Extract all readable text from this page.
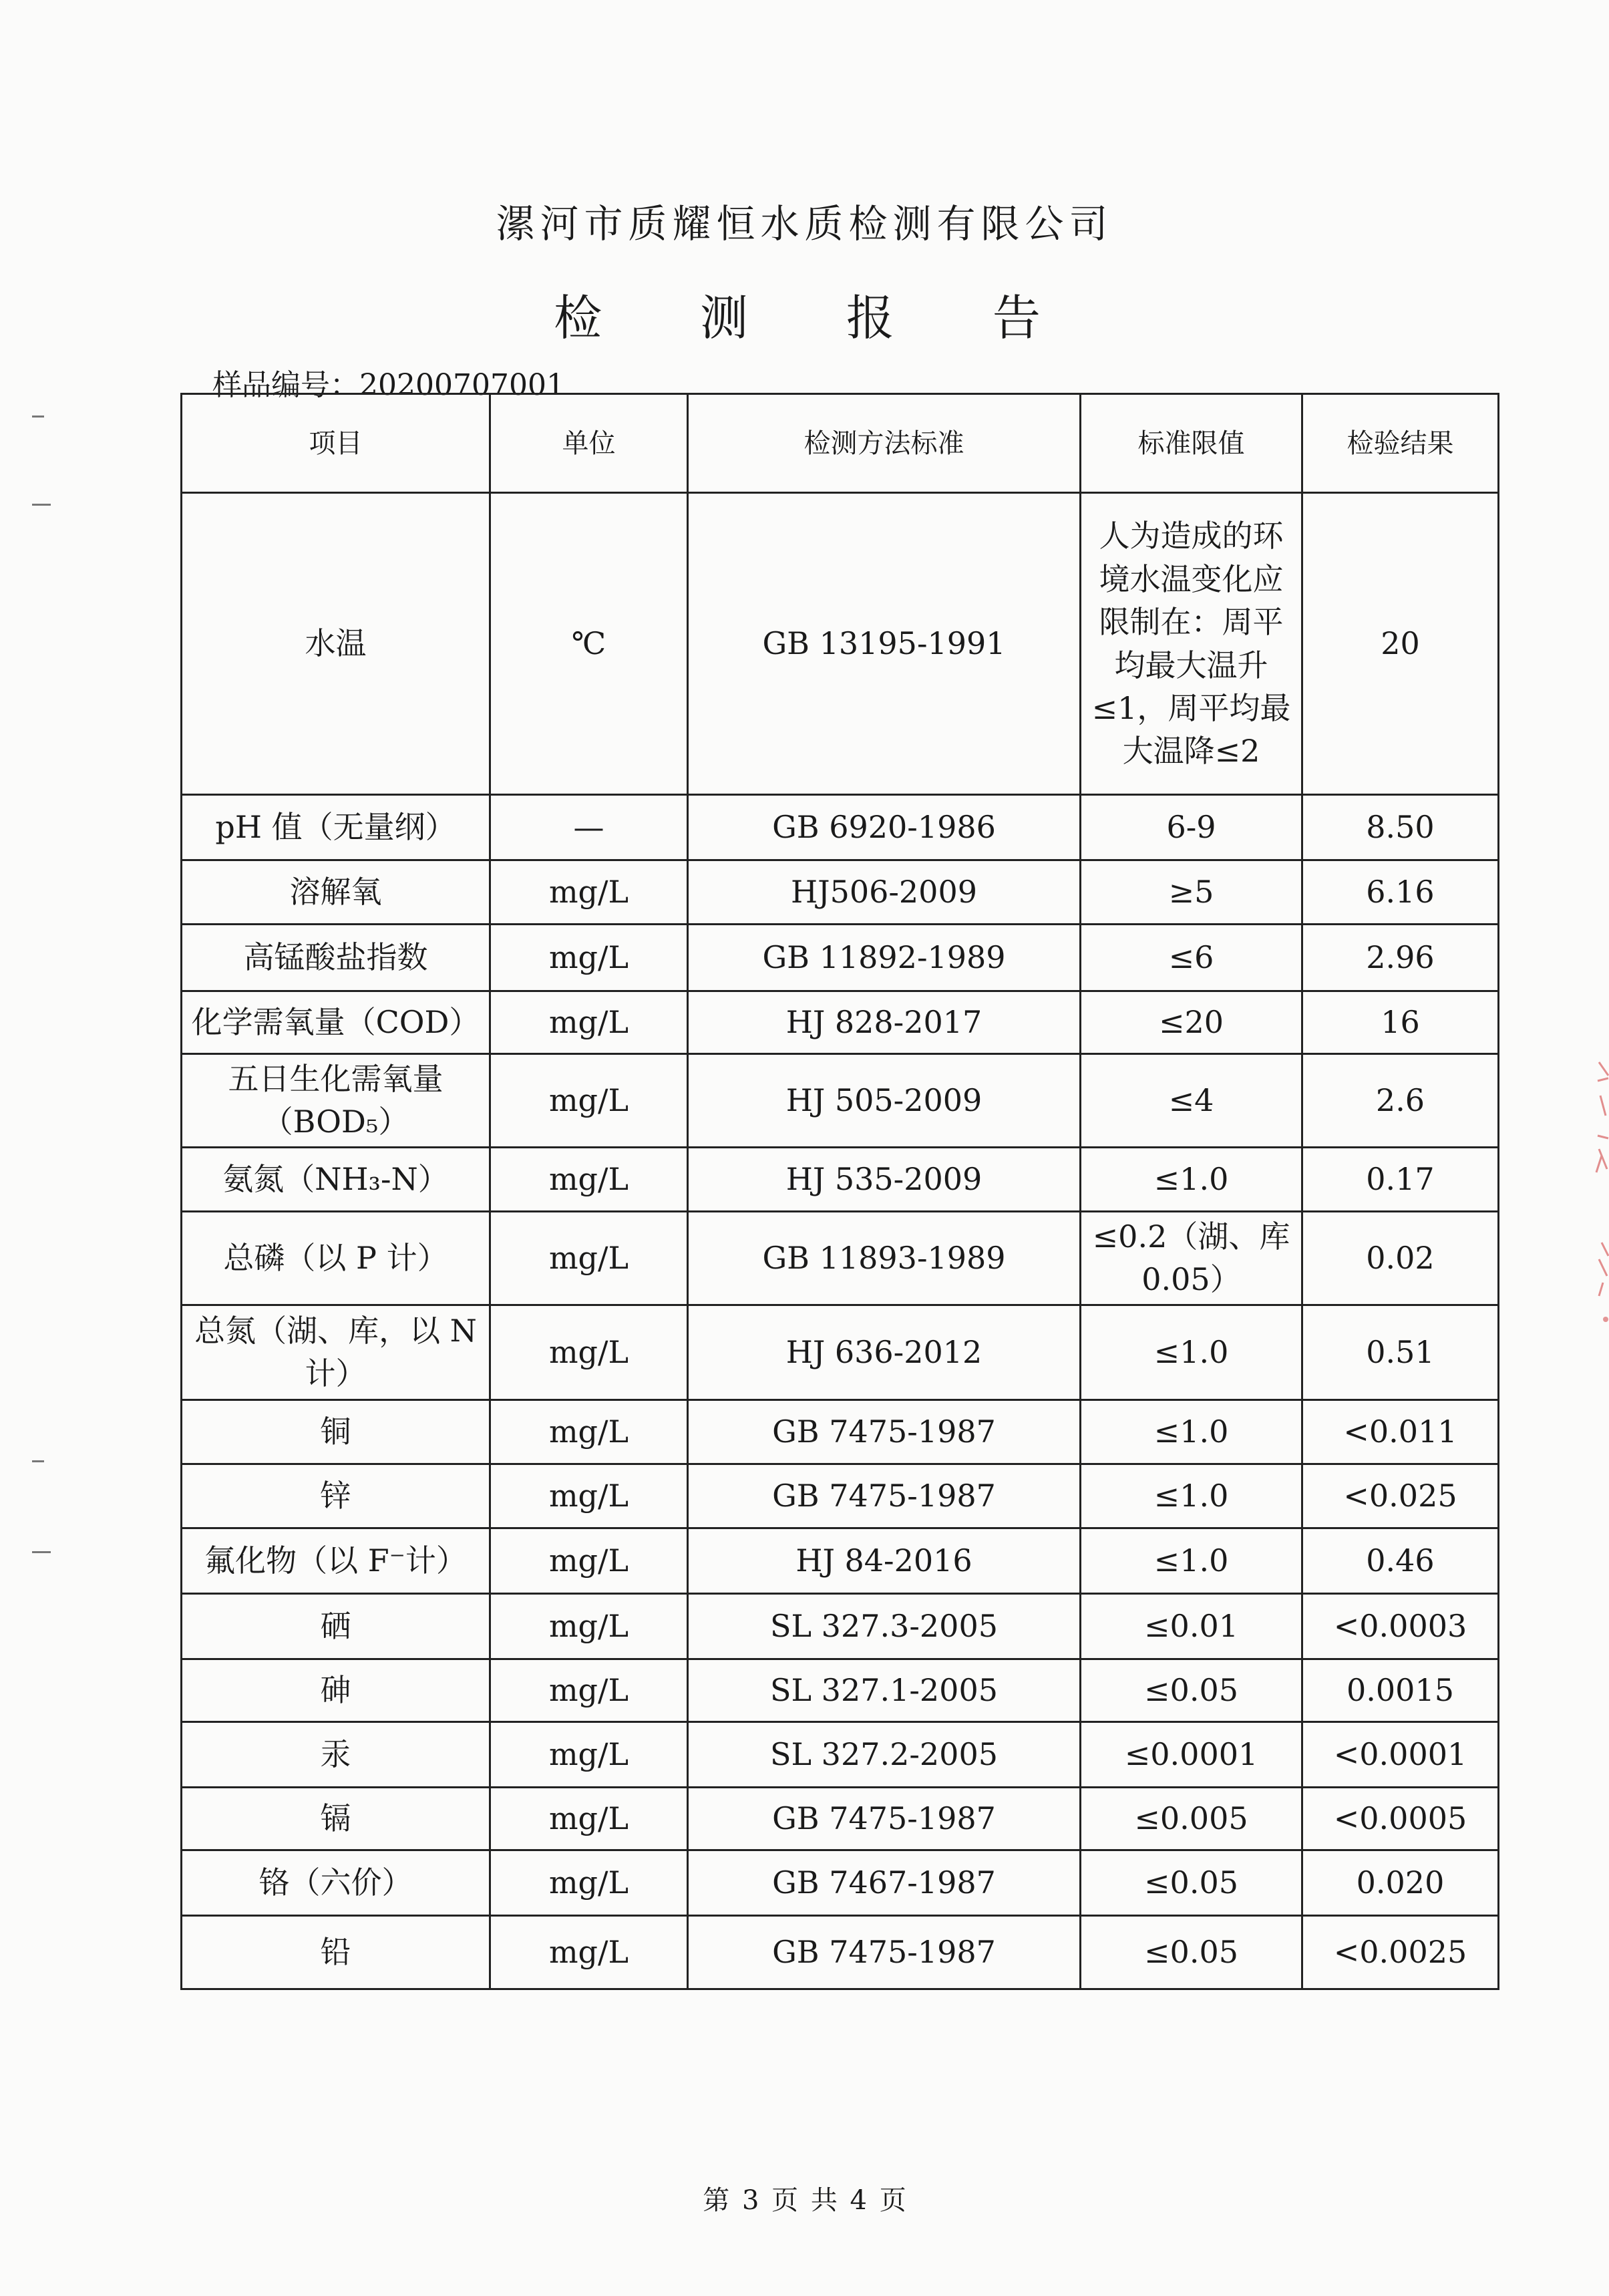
漯河市质耀恒水质检测有限公司
检 测 报 告
样品编号：20200707001
项目	单位	检测方法标准	标准限值	检验结果
水温	℃	GB 13195-1991	人为造成的环境水温变化应限制在：周平均最大温升≤1，周平均最大温降≤2	20
pH 值（无量纲）	—	GB 6920-1986	6-9	8.50
溶解氧	mg/L	HJ506-2009	≥5	6.16
高锰酸盐指数	mg/L	GB 11892-1989	≤6	2.96
化学需氧量（COD）	mg/L	HJ 828-2017	≤20	16
五日生化需氧量（BOD₅）	mg/L	HJ 505-2009	≤4	2.6
氨氮（NH₃-N）	mg/L	HJ 535-2009	≤1.0	0.17
总磷（以 P 计）	mg/L	GB 11893-1989	≤0.2（湖、库 0.05）	0.02
总氮（湖、库，以 N 计）	mg/L	HJ 636-2012	≤1.0	0.51
铜	mg/L	GB 7475-1987	≤1.0	<0.011
锌	mg/L	GB 7475-1987	≤1.0	<0.025
氟化物（以 F⁻计）	mg/L	HJ 84-2016	≤1.0	0.46
硒	mg/L	SL 327.3-2005	≤0.01	<0.0003
砷	mg/L	SL 327.1-2005	≤0.05	0.0015
汞	mg/L	SL 327.2-2005	≤0.0001	<0.0001
镉	mg/L	GB 7475-1987	≤0.005	<0.0005
铬（六价）	mg/L	GB 7467-1987	≤0.05	0.020
铅	mg/L	GB 7475-1987	≤0.05	<0.0025
第 3 页 共 4 页
